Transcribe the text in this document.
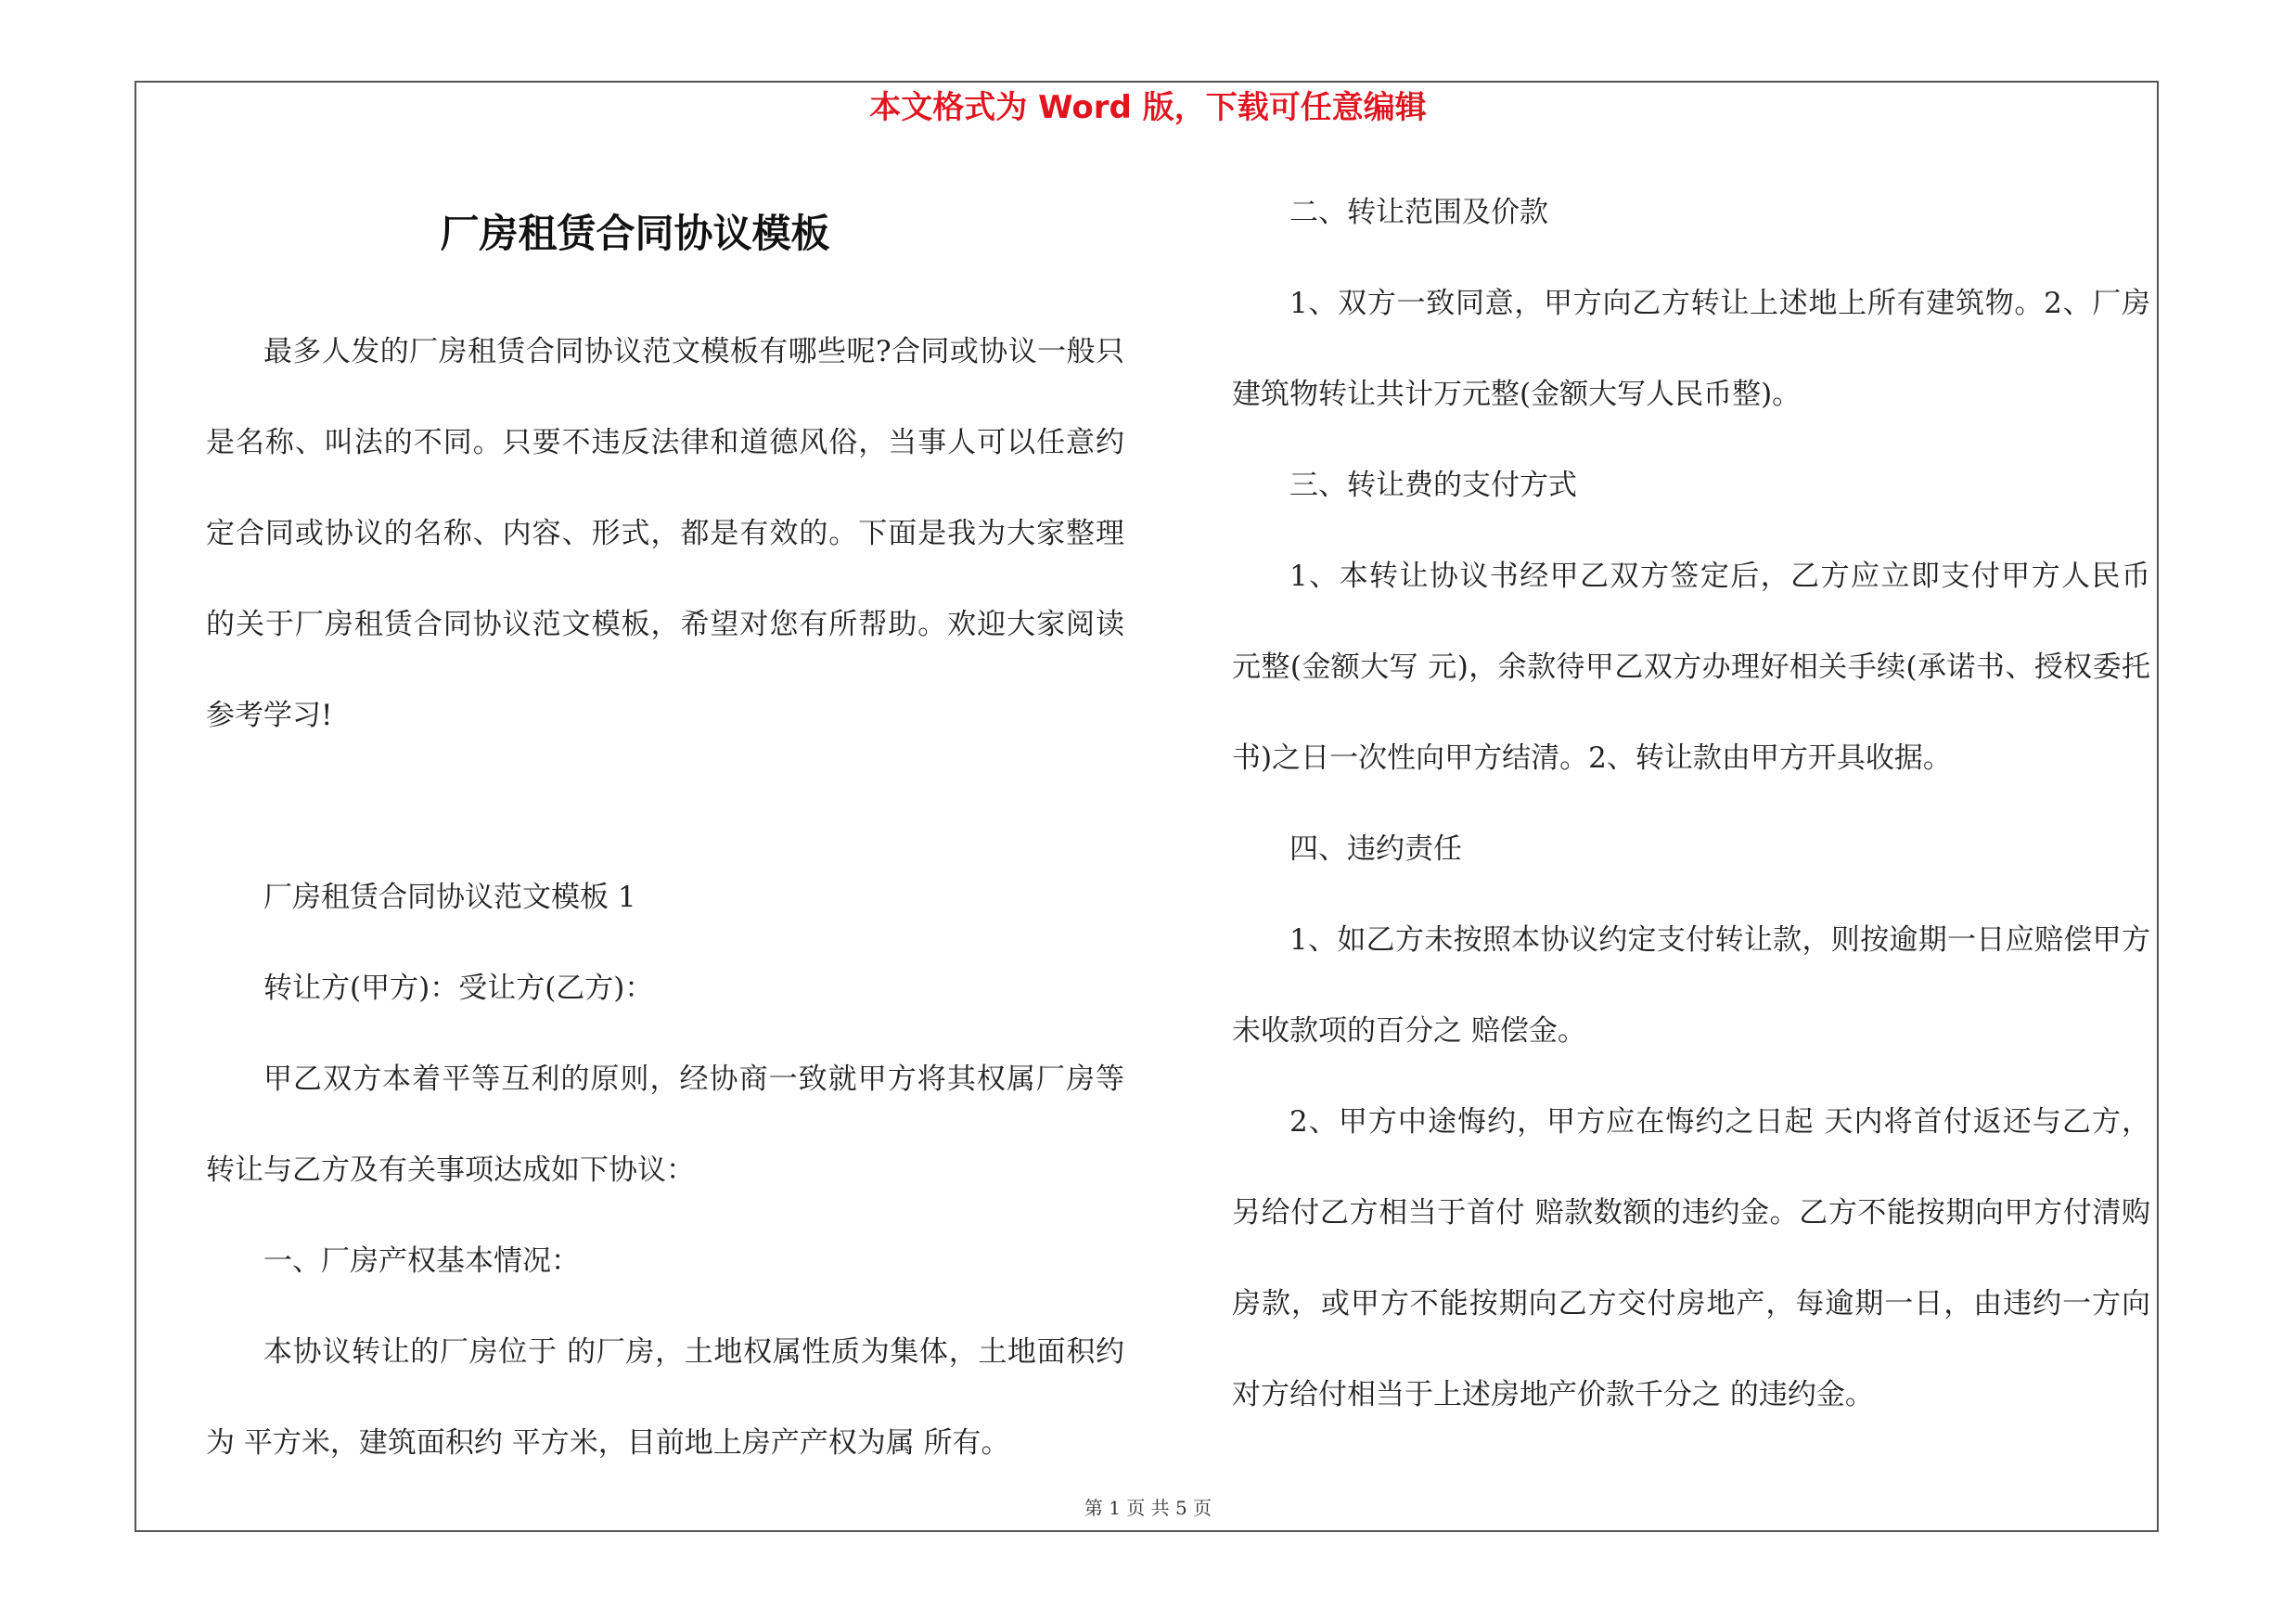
本文格式为 Word 版，下载可任意编辑
厂房租赁合同协议模板

最多人发的厂房租赁合同协议范文模板有哪些呢?合同或协议一般只是名称、叫法的不同。只要不违反法律和道德风俗，当事人可以任意约定合同或协议的名称、内容、形式，都是有效的。下面是我为大家整理的关于厂房租赁合同协议范文模板，希望对您有所帮助。欢迎大家阅读参考学习!

厂房租赁合同协议范文模板 1

转让方(甲方)：受让方(乙方)：

甲乙双方本着平等互利的原则，经协商一致就甲方将其权属厂房等转让与乙方及有关事项达成如下协议：

一、厂房产权基本情况：

本协议转让的厂房位于 的厂房，土地权属性质为集体，土地面积约为 平方米，建筑面积约 平方米，目前地上房产产权为属 所有。

二、转让范围及价款

1、双方一致同意，甲方向乙方转让上述地上所有建筑物。2、厂房建筑物转让共计万元整(金额大写人民币整)。

三、转让费的支付方式

1、本转让协议书经甲乙双方签定后，乙方应立即支付甲方人民币 元整(金额大写 元)，余款待甲乙双方办理好相关手续(承诺书、授权委托书)之日一次性向甲方结清。2、转让款由甲方开具收据。

四、违约责任

1、如乙方未按照本协议约定支付转让款，则按逾期一日应赔偿甲方未收款项的百分之 赔偿金。

2、甲方中途悔约，甲方应在悔约之日起 天内将首付返还与乙方，另给付乙方相当于首付 赔款数额的违约金。乙方不能按期向甲方付清购房款，或甲方不能按期向乙方交付房地产，每逾期一日，由违约一方向对方给付相当于上述房地产价款千分之 的违约金。

第 1 页 共 5 页
